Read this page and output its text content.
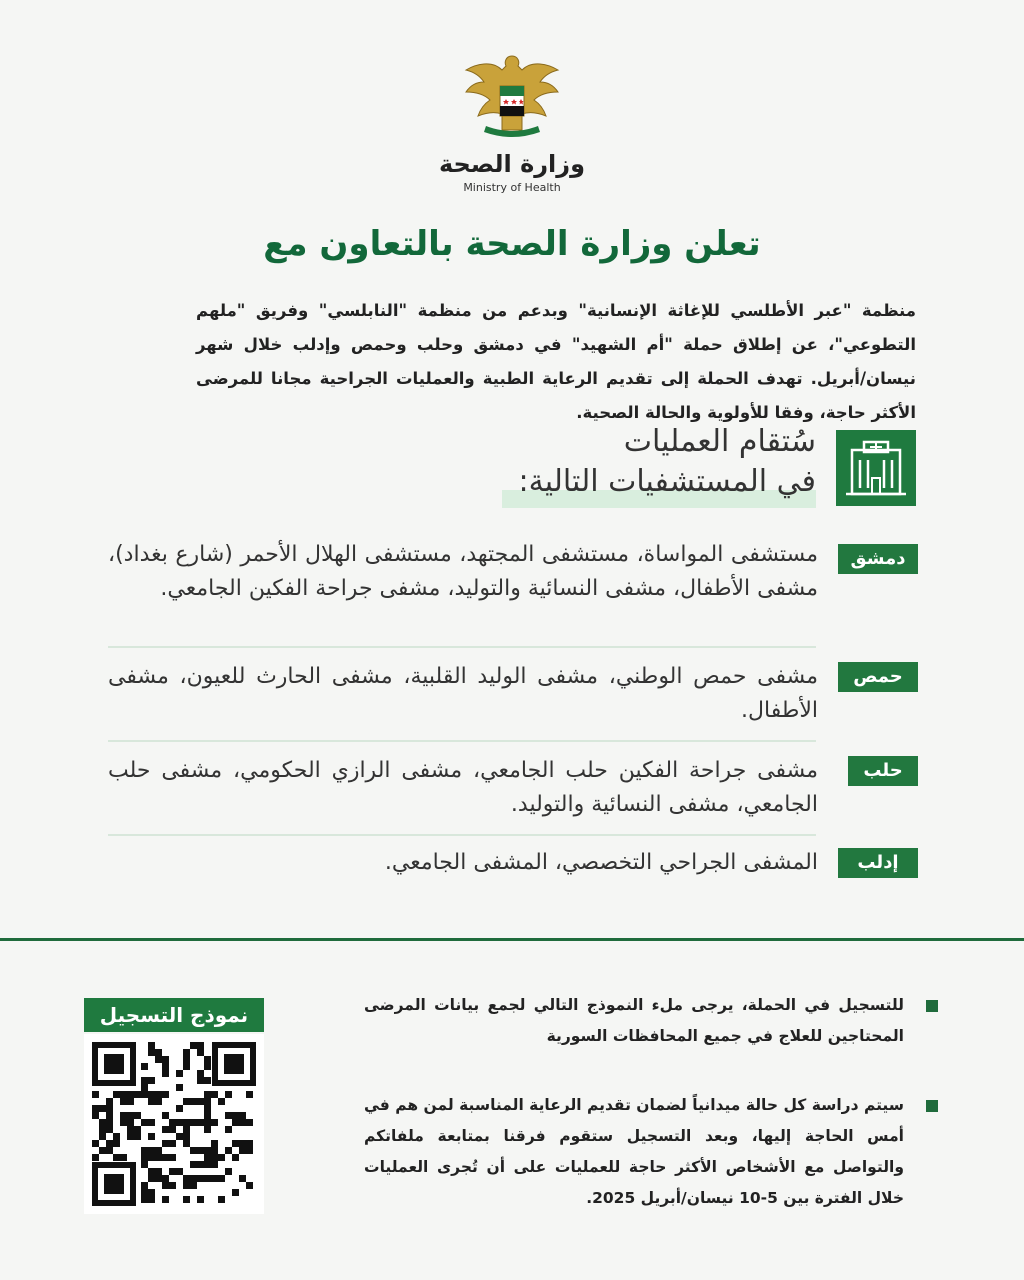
وزارة الصحة
Ministry of Health
تعلن وزارة الصحة بالتعاون مع
منظمة "عبر الأطلسي للإغاثة الإنسانية" وبدعم من منظمة "النابلسي" وفريق "ملهم التطوعي"، عن إطلاق حملة "أم الشهيد" في دمشق وحلب وحمص وإدلب خلال شهر نيسان/أبريل. تهدف الحملة إلى تقديم الرعاية الطبية والعمليات الجراحية مجانا للمرضى الأكثر حاجة، وفقا للأولوية والحالة الصحية.
سُتقام العمليات
في المستشفيات التالية:
دمشق
مستشفى المواساة، مستشفى المجتهد، مستشفى الهلال الأحمر (شارع بغداد)، مشفى الأطفال، مشفى النسائية والتوليد، مشفى جراحة الفكين الجامعي.
حمص
مشفى حمص الوطني، مشفى الوليد القلبية، مشفى الحارث للعيون، مشفى الأطفال.
حلب
مشفى جراحة الفكين حلب الجامعي، مشفى الرازي الحكومي، مشفى حلب الجامعي، مشفى النسائية والتوليد.
إدلب
المشفى الجراحي التخصصي، المشفى الجامعي.
للتسجيل في الحملة، يرجى ملء النموذج التالي لجمع بيانات المرضى المحتاجين للعلاج في جميع المحافظات السورية
سيتم دراسة كل حالة ميدانياً لضمان تقديم الرعاية المناسبة لمن هم في أمس الحاجة إليها، وبعد التسجيل ستقوم فرقنا بمتابعة ملفاتكم والتواصل مع الأشخاص الأكثر حاجة للعمليات على أن تُجرى العمليات خلال الفترة بين 5-10 نيسان/أبريل 2025.
نموذج التسجيل
